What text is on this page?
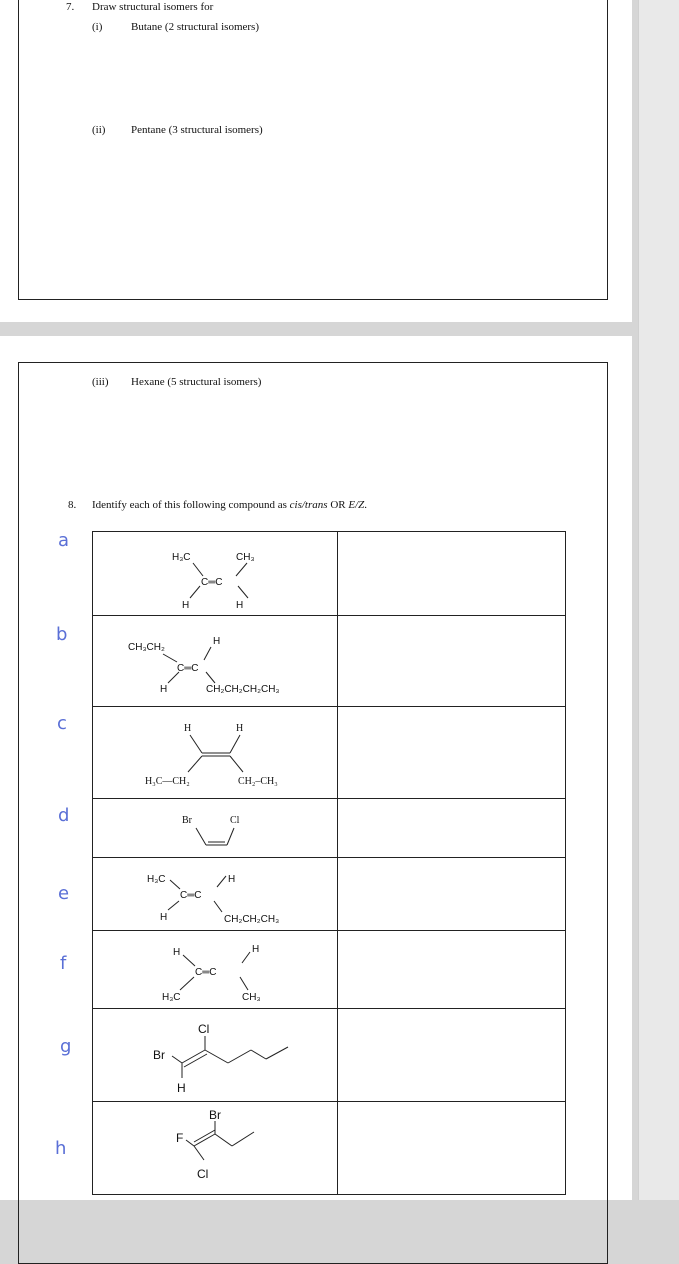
7. Draw structural isomers for
(i)	Butane (2 structural isomers)
(ii) Pentane (3 structural isomers)
(iii) Hexane (5 structural isomers)
8. Identify each of this following compound as cis/trans OR E/Z.
H₃C	CH₃
C═C
H	H
CH₃CH₂
H
C═C
H	CH₂CH₂CH₂CH₃
H	H
H₃C—CH₂	CH₂–CH₃
Br	Cl
H₃C	H
C═C
H	CH₂CH₂CH₃
H	H
C═C
H₃C	CH₃
Cl
Br
H
Br
F
Cl
a
b
c
d
e
f
g
h
